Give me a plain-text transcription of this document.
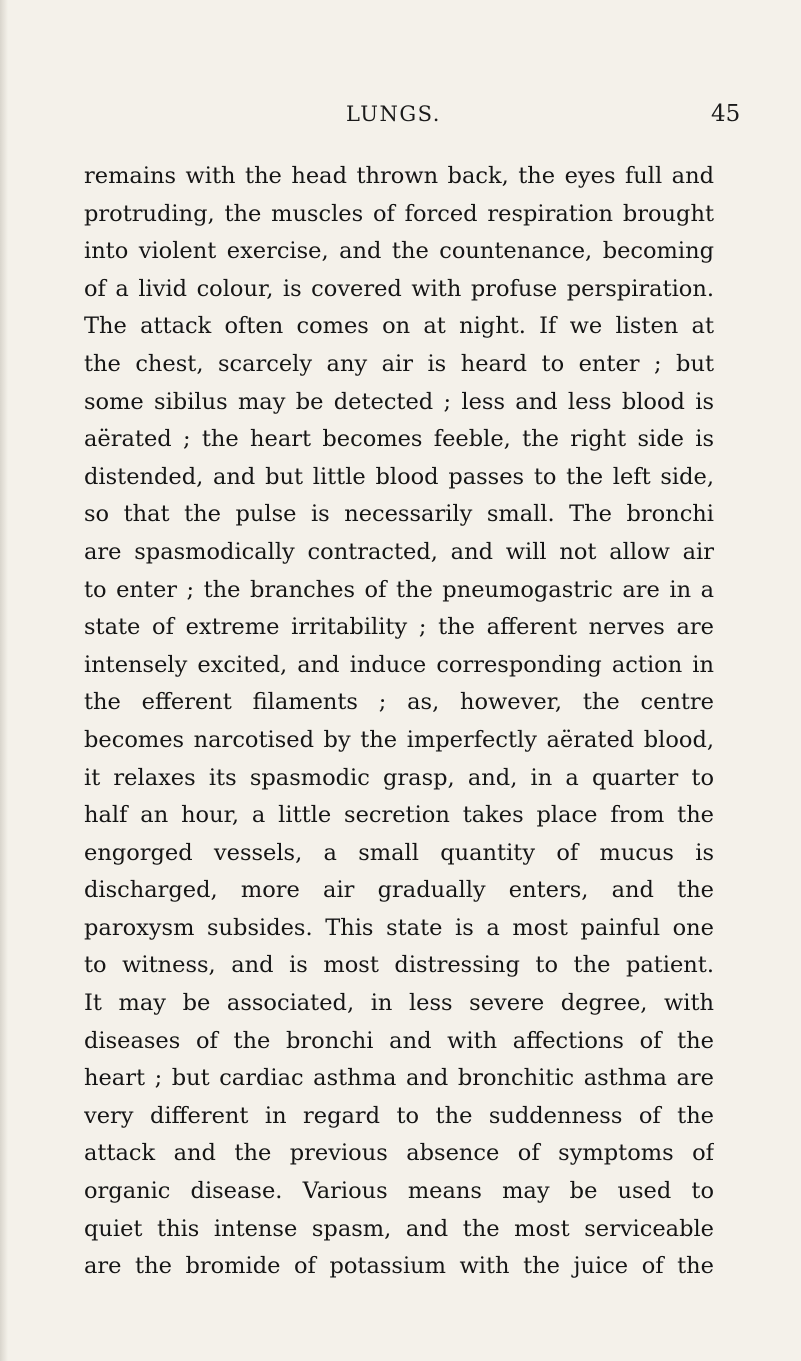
LUNGS.	45
remains with the head thrown back, the eyes full and
protruding, the muscles of forced respiration brought
into violent exercise, and the countenance, becoming
of a livid colour, is covered with profuse perspiration.
The attack often comes on at night. If we listen at
the chest, scarcely any air is heard to enter ; but
some sibilus may be detected ; less and less blood is
aërated ; the heart becomes feeble, the right side is
distended, and but little blood passes to the left side,
so that the pulse is necessarily small. The bronchi
are spasmodically contracted, and will not allow air
to enter ; the branches of the pneumogastric are in a
state of extreme irritability ; the afferent nerves are
intensely excited, and induce corresponding action in
the efferent filaments ; as, however, the centre
becomes narcotised by the imperfectly aërated blood,
it relaxes its spasmodic grasp, and, in a quarter to
half an hour, a little secretion takes place from the
engorged vessels, a small quantity of mucus is
discharged, more air gradually enters, and the
paroxysm subsides. This state is a most painful one
to witness, and is most distressing to the patient.
It may be associated, in less severe degree, with
diseases of the bronchi and with affections of the
heart ; but cardiac asthma and bronchitic asthma are
very different in regard to the suddenness of the
attack and the previous absence of symptoms of
organic disease. Various means may be used to
quiet this intense spasm, and the most serviceable
are the bromide of potassium with the juice of the
